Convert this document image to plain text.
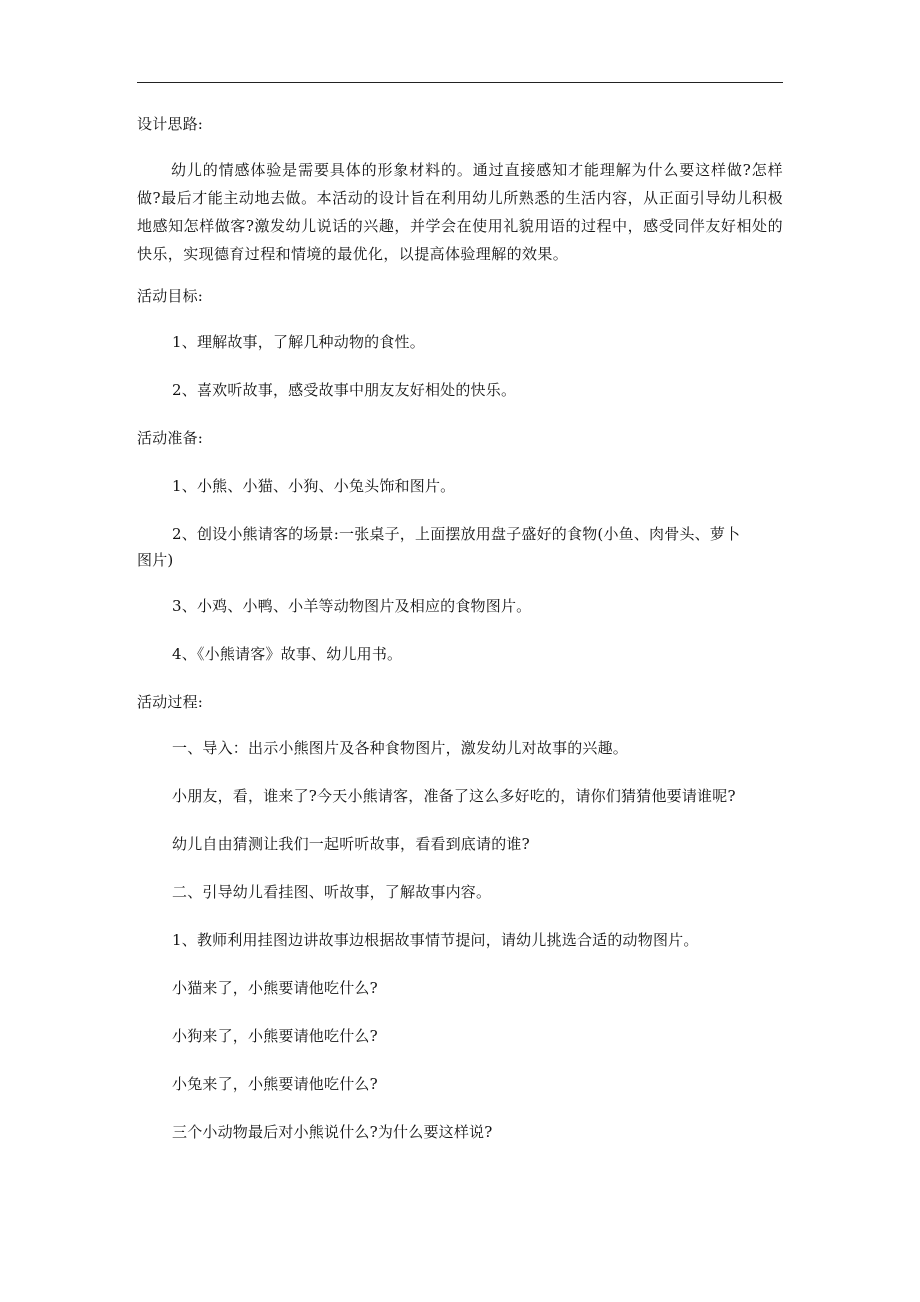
设计思路:

幼儿的情感体验是需要具体的形象材料的。通过直接感知才能理解为什么要这样做?怎样做?最后才能主动地去做。本活动的设计旨在利用幼儿所熟悉的生活内容，从正面引导幼儿积极地感知怎样做客?激发幼儿说话的兴趣，并学会在使用礼貌用语的过程中，感受同伴友好相处的快乐，实现德育过程和情境的最优化，以提高体验理解的效果。

活动目标:
1、理解故事，了解几种动物的食性。
2、喜欢听故事，感受故事中朋友友好相处的快乐。
活动准备:
1、小熊、小猫、小狗、小兔头饰和图片。
2、创设小熊请客的场景:一张桌子，上面摆放用盘子盛好的食物(小鱼、肉骨头、萝卜
图片)
3、小鸡、小鸭、小羊等动物图片及相应的食物图片。
4、《小熊请客》故事、幼儿用书。
活动过程:
一、导入：出示小熊图片及各种食物图片，激发幼儿对故事的兴趣。
小朋友，看，谁来了?今天小熊请客，准备了这么多好吃的，请你们猜猜他要请谁呢?
幼儿自由猜测让我们一起听听故事，看看到底请的谁?
二、引导幼儿看挂图、听故事，了解故事内容。
1、教师利用挂图边讲故事边根据故事情节提问，请幼儿挑选合适的动物图片。
小猫来了，小熊要请他吃什么?
小狗来了，小熊要请他吃什么?
小兔来了，小熊要请他吃什么?
三个小动物最后对小熊说什么?为什么要这样说?
